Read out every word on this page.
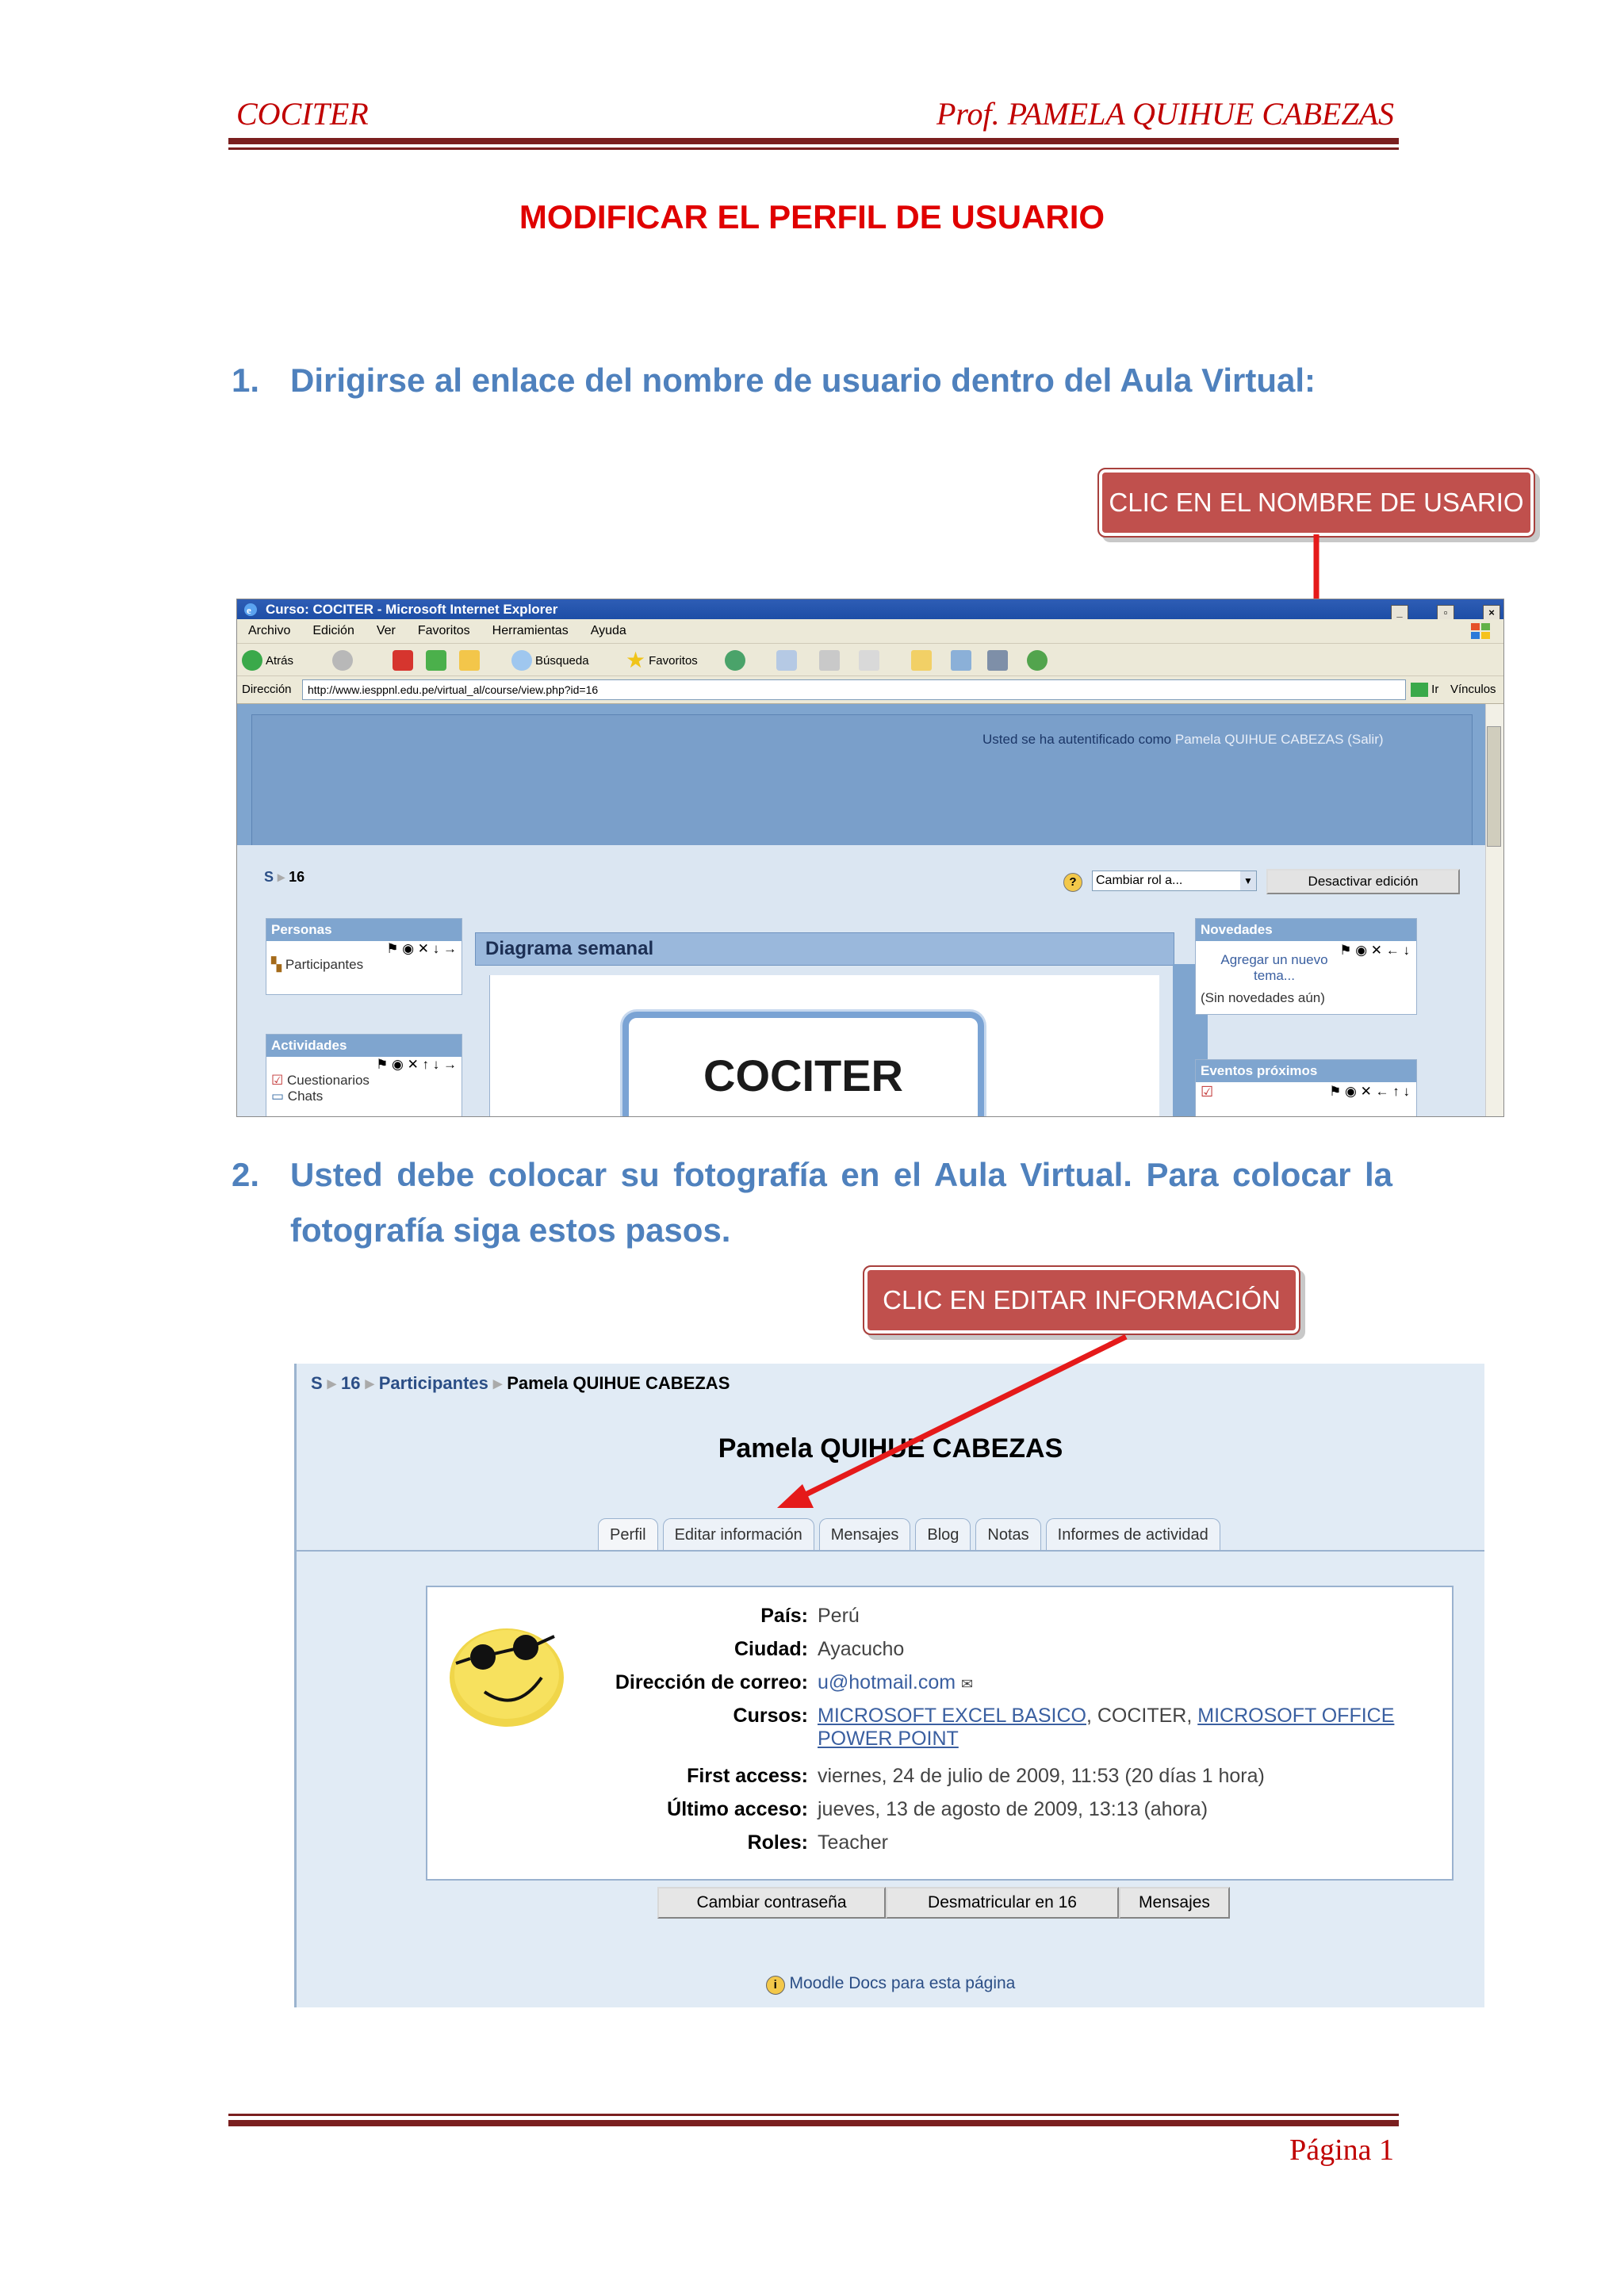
COCITER	Prof. PAMELA QUIHUE CABEZAS
MODIFICAR EL PERFIL DE USUARIO
1. Dirigirse al enlace del nombre de usuario dentro del Aula Virtual:
CLIC EN EL NOMBRE DE USARIO
e Curso: COCITER - Microsoft Internet Explorer	_	▫	×
Archivo Edición Ver Favoritos Herramientas Ayuda
Atrás	Búsqueda ★ Favoritos
Dirección	http://www.iesppnl.edu.pe/virtual_al/course/view.php?id=16	Ir Vínculos
Usted se ha autentificado como Pamela QUIHUE CABEZAS (Salir)
S ▸ 16	?	Cambiar rol a...	▼	Desactivar edición
Personas
⚑ ◉ ✕ ↓ →
▚ Participantes
Actividades
⚑ ◉ ✕ ↑ ↓ →
☑ Cuestionarios
▭ Chats
Diagrama semanal
COCITER
Novedades
⚑ ◉ ✕ ← ↓
Agregar un nuevo tema...
(Sin novedades aún)
Eventos próximos
⚑ ◉ ✕ ← ↑ ↓
☑
2. Usted debe colocar su fotografía en el Aula Virtual. Para colocar la fotografía siga estos pasos.
S ▸ 16 ▸ Participantes ▸ Pamela QUIHUE CABEZAS
Pamela QUIHUE CABEZAS
Perfil	Editar información	Mensajes	Blog	Notas	Informes de actividad
País: Perú
Ciudad: Ayacucho
Dirección de correo: u@hotmail.com ✉
Cursos: MICROSOFT EXCEL BASICO, COCITER, MICROSOFT OFFICE POWER POINT
First access: viernes, 24 de julio de 2009, 11:53 (20 días 1 hora)
Último acceso: jueves, 13 de agosto de 2009, 13:13 (ahora)
Roles: Teacher
Cambiar contraseña	Desmatricular en 16	Mensajes
i Moodle Docs para esta página
CLIC EN EDITAR INFORMACIÓN
Página 1
